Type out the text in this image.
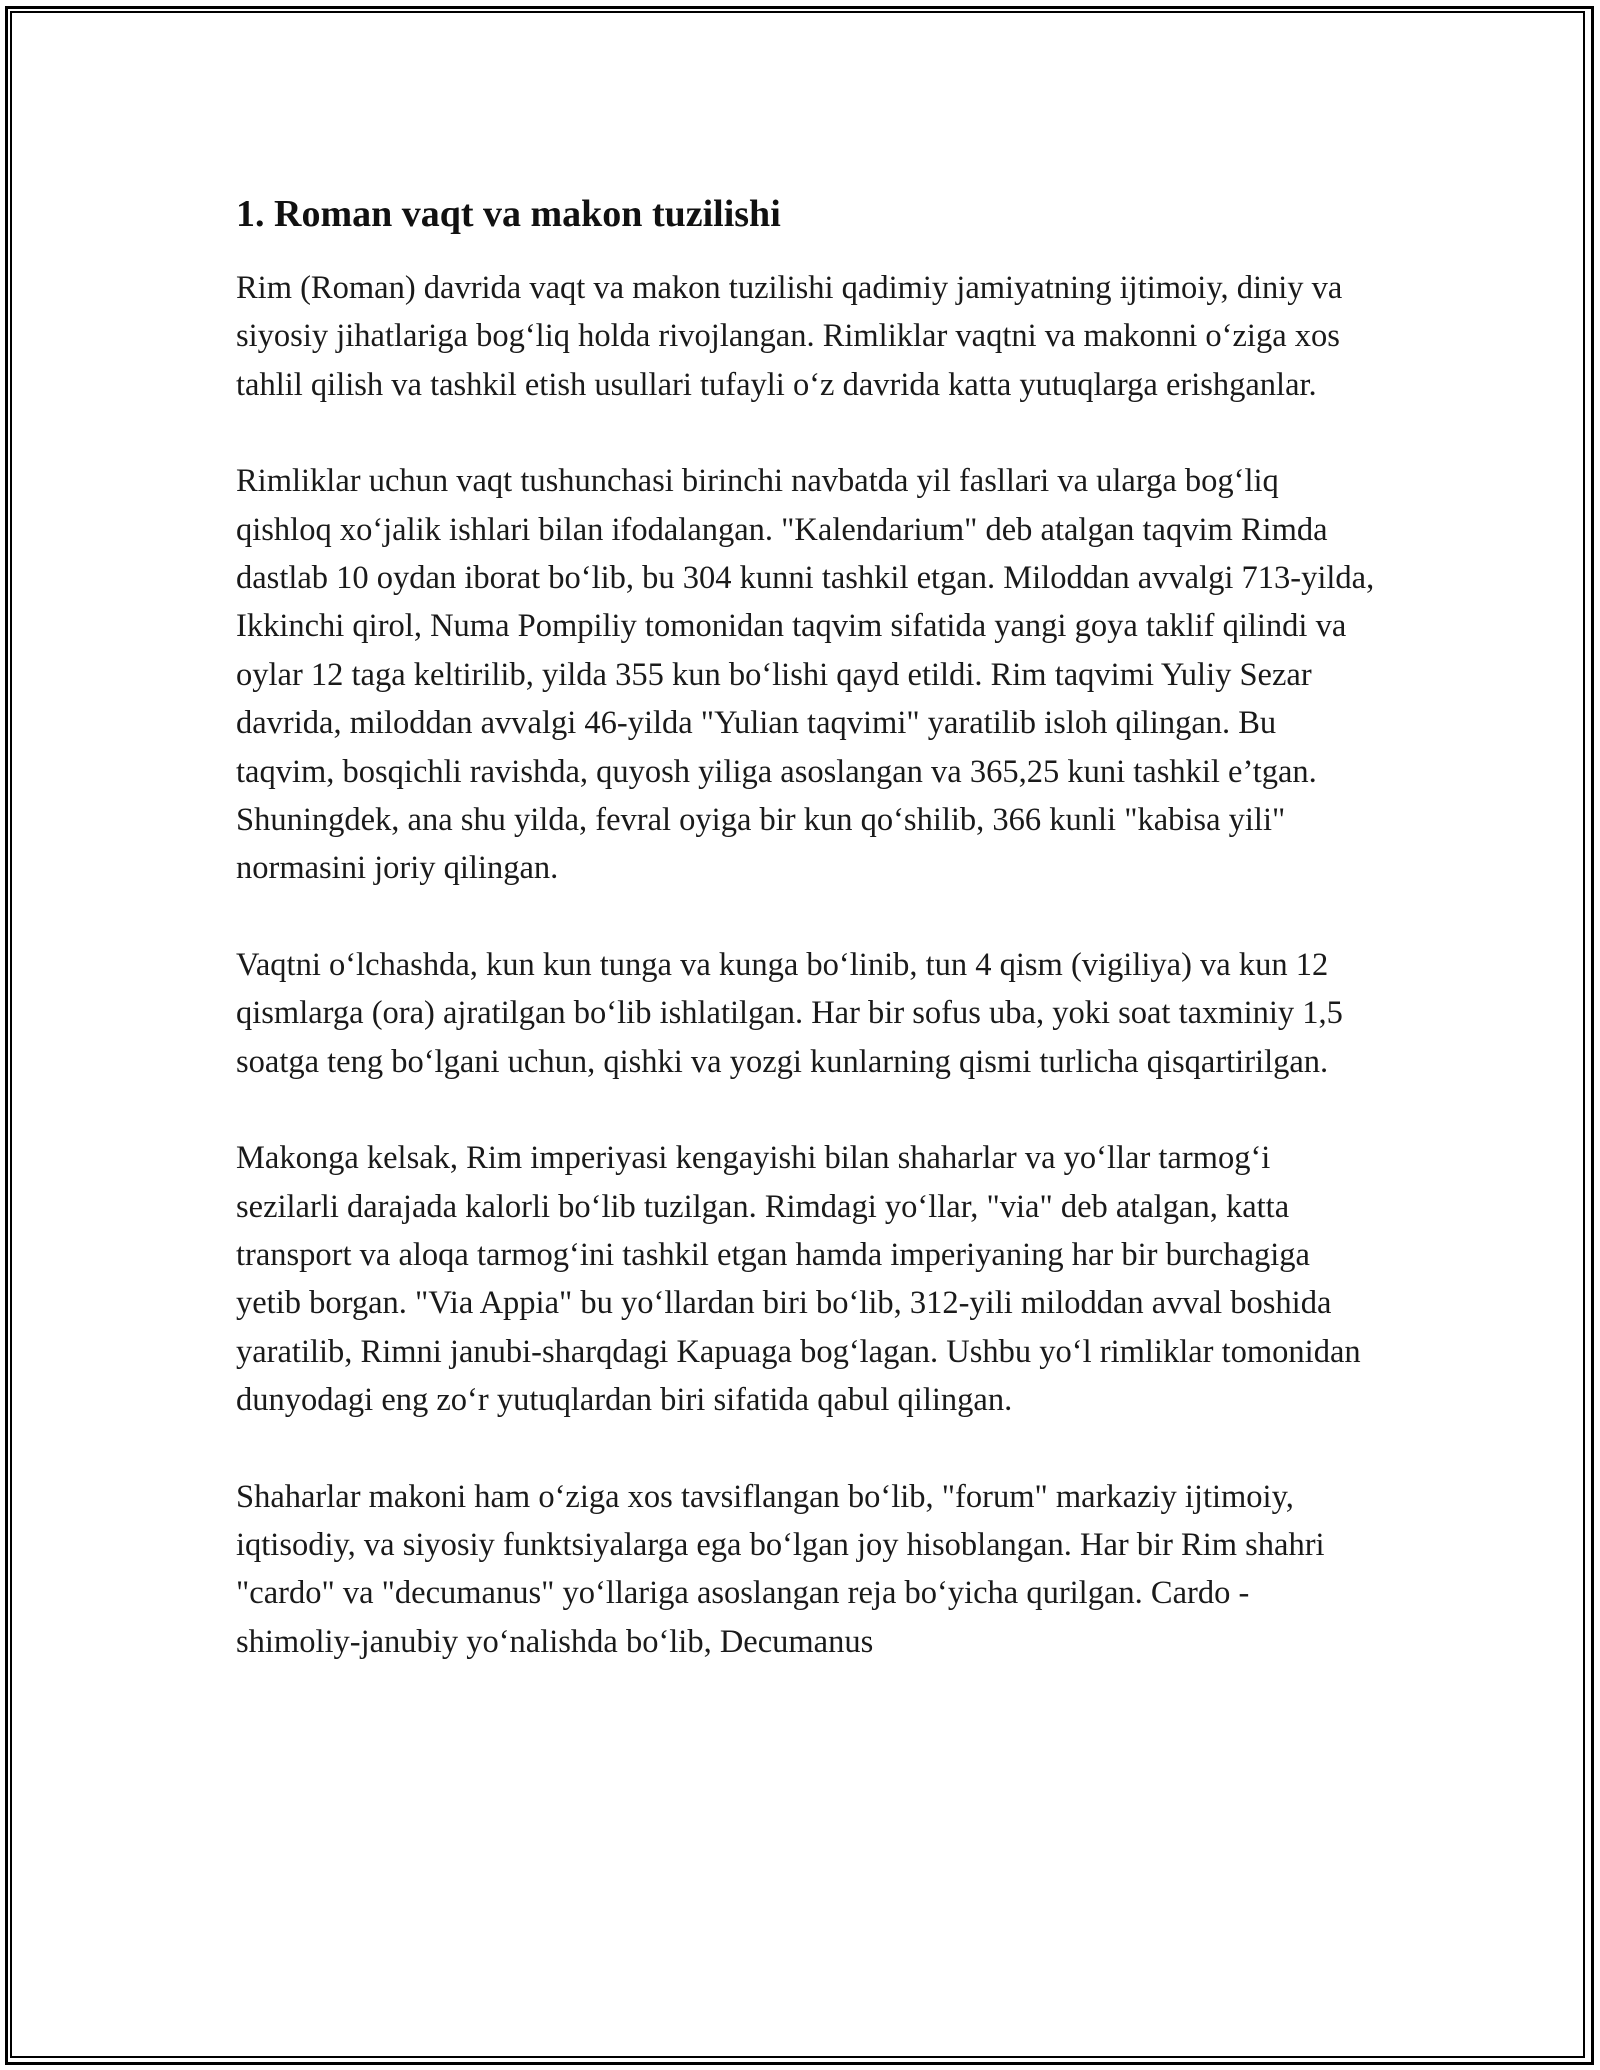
1. Roman vaqt va makon tuzilishi

Rim (Roman) davrida vaqt va makon tuzilishi qadimiy jamiyatning ijtimoiy, diniy va siyosiy jihatlariga bog‘liq holda rivojlangan. Rimliklar vaqtni va makonni o‘ziga xos tahlil qilish va tashkil etish usullari tufayli o‘z davrida katta yutuqlarga erishganlar.

Rimliklar uchun vaqt tushunchasi birinchi navbatda yil fasllari va ularga bog‘liq qishloq xo‘jalik ishlari bilan ifodalangan. "Kalendarium" deb atalgan taqvim Rimda dastlab 10 oydan iborat bo‘lib, bu 304 kunni tashkil etgan. Miloddan avvalgi 713-yilda, Ikkinchi qirol, Numa Pompiliy tomonidan taqvim sifatida yangi goya taklif qilindi va oylar 12 taga keltirilib, yilda 355 kun bo‘lishi qayd etildi. Rim taqvimi Yuliy Sezar davrida, miloddan avvalgi 46-yilda "Yulian taqvimi" yaratilib isloh qilingan. Bu taqvim, bosqichli ravishda, quyosh yiliga asoslangan va 365,25 kuni tashkil e’tgan. Shuningdek, ana shu yilda, fevral oyiga bir kun qo‘shilib, 366 kunli "kabisa yili" normasini joriy qilingan.

Vaqtni o‘lchashda, kun kun tunga va kunga bo‘linib, tun 4 qism (vigiliya) va kun 12 qismlarga (ora) ajratilgan bo‘lib ishlatilgan. Har bir sofus uba, yoki soat taxminiy 1,5 soatga teng bo‘lgani uchun, qishki va yozgi kunlarning qismi turlicha qisqartirilgan.

Makonga kelsak, Rim imperiyasi kengayishi bilan shaharlar va yo‘llar tarmog‘i sezilarli darajada kalorli bo‘lib tuzilgan. Rimdagi yo‘llar, "via" deb atalgan, katta transport va aloqa tarmog‘ini tashkil etgan hamda imperiyaning har bir burchagiga yetib borgan. "Via Appia" bu yo‘llardan biri bo‘lib, 312-yili miloddan avval boshida yaratilib, Rimni janubi-sharqdagi Kapuaga bog‘lagan. Ushbu yo‘l rimliklar tomonidan dunyodagi eng zo‘r yutuqlardan biri sifatida qabul qilingan.

Shaharlar makoni ham o‘ziga xos tavsiflangan bo‘lib, "forum" markaziy ijtimoiy, iqtisodiy, va siyosiy funktsiyalarga ega bo‘lgan joy hisoblangan. Har bir Rim shahri "cardo" va "decumanus" yo‘llariga asoslangan reja bo‘yicha qurilgan. Cardo - shimoliy-janubiy yo‘nalishda bo‘lib, Decumanus
